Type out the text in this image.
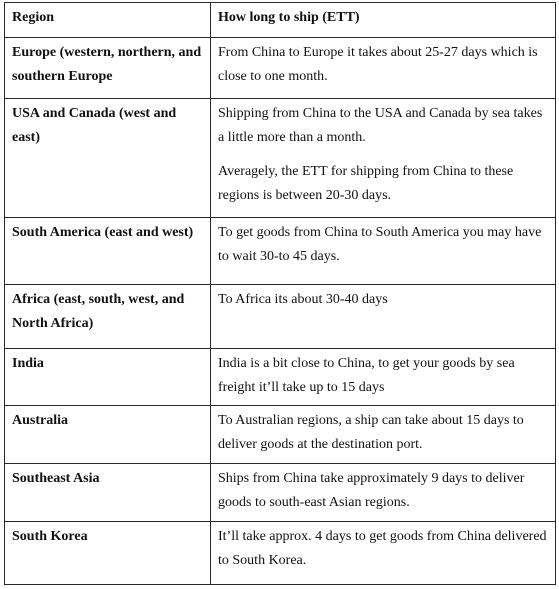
Region	How long to ship (ETT)
Europe (western, northern, and southern Europe	From China to Europe it takes about 25-27 days which is close to one month.

USA and Canada (west and east)	Shipping from China to the USA and Canada by sea takes a little more than a month.

Averagely, the ETT for shipping from China to these regions is between 20-30 days.

South America (east and west)	To get goods from China to South America you may have to wait 30-to 45 days.

Africa (east, south, west, and North Africa)	To Africa its about 30-40 days

India	India is a bit close to China, to get your goods by sea freight it’ll take up to 15 days

Australia	To Australian regions, a ship can take about 15 days to deliver goods at the destination port.

Southeast Asia	Ships from China take approximately 9 days to deliver goods to south-east Asian regions.

South Korea	It’ll take approx. 4 days to get goods from China delivered to South Korea.
